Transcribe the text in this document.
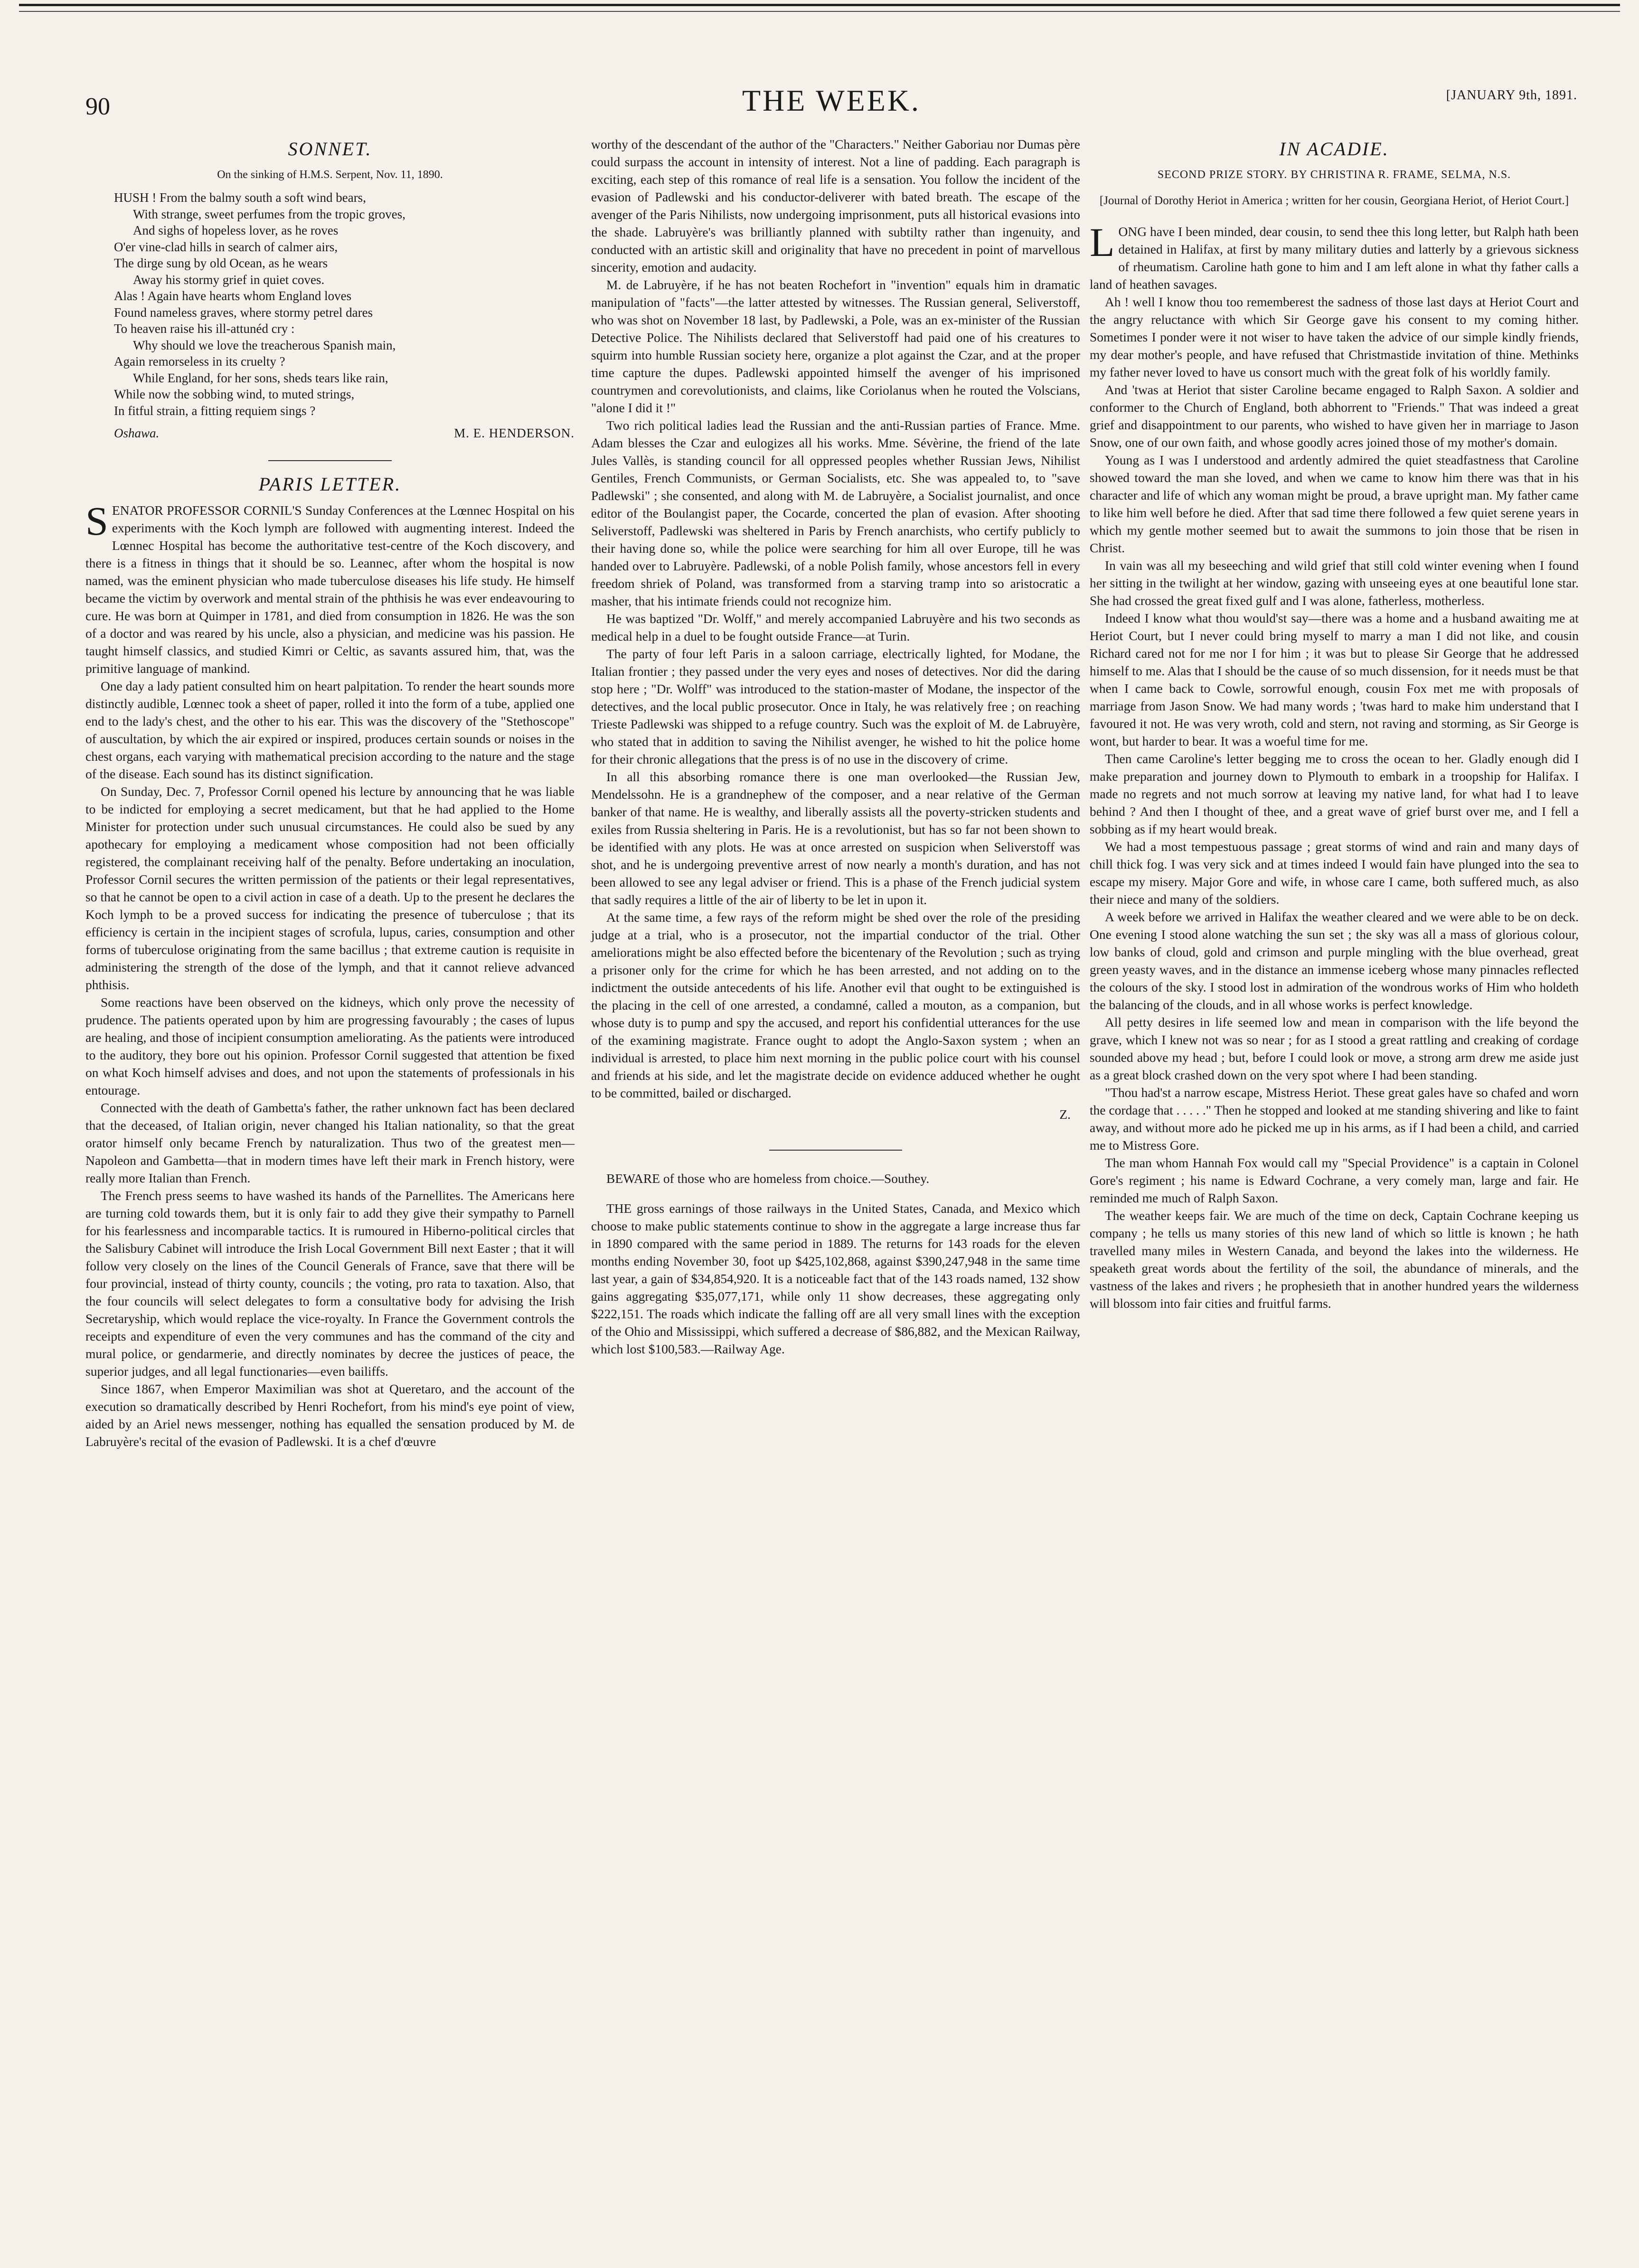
90	THE WEEK.	[JANUARY 9th, 1891.
SONNET.
On the sinking of H.M.S. Serpent, Nov. 11, 1890.
HUSH ! From the balmy south a soft wind bears,
With strange, sweet perfumes from the tropic groves,
And sighs of hopeless lover, as he roves
O'er vine-clad hills in search of calmer airs,
The dirge sung by old Ocean, as he wears
Away his stormy grief in quiet coves.
Alas ! Again have hearts whom England loves
Found nameless graves, where stormy petrel dares
To heaven raise his ill-attunéd cry :
Why should we love the treacherous Spanish main,
Again remorseless in its cruelty ?
While England, for her sons, sheds tears like rain,
While now the sobbing wind, to muted strings,
In fitful strain, a fitting requiem sings ?
Oshawa.	M. E. HENDERSON.
PARIS LETTER.

SENATOR PROFESSOR CORNIL'S Sunday Conferences at the Lœnnec Hospital on his experiments with the Koch lymph are followed with augmenting interest. Indeed the Lœnnec Hospital has become the authoritative test-centre of the Koch discovery, and there is a fitness in things that it should be so. Leannec, after whom the hospital is now named, was the eminent physician who made tuberculose diseases his life study. He himself became the victim by overwork and mental strain of the phthisis he was ever endeavouring to cure. He was born at Quimper in 1781, and died from consumption in 1826. He was the son of a doctor and was reared by his uncle, also a physician, and medicine was his passion. He taught himself classics, and studied Kimri or Celtic, as savants assured him, that, was the primitive language of mankind.

One day a lady patient consulted him on heart palpitation. To render the heart sounds more distinctly audible, Lœnnec took a sheet of paper, rolled it into the form of a tube, applied one end to the lady's chest, and the other to his ear. This was the discovery of the "Stethoscope" of auscultation, by which the air expired or inspired, produces certain sounds or noises in the chest organs, each varying with mathematical precision according to the nature and the stage of the disease. Each sound has its distinct signification.

On Sunday, Dec. 7, Professor Cornil opened his lecture by announcing that he was liable to be indicted for employing a secret medicament, but that he had applied to the Home Minister for protection under such unusual circumstances. He could also be sued by any apothecary for employing a medicament whose composition had not been officially registered, the complainant receiving half of the penalty. Before undertaking an inoculation, Professor Cornil secures the written permission of the patients or their legal representatives, so that he cannot be open to a civil action in case of a death. Up to the present he declares the Koch lymph to be a proved success for indicating the presence of tuberculose ; that its efficiency is certain in the incipient stages of scrofula, lupus, caries, consumption and other forms of tuberculose originating from the same bacillus ; that extreme caution is requisite in administering the strength of the dose of the lymph, and that it cannot relieve advanced phthisis.

Some reactions have been observed on the kidneys, which only prove the necessity of prudence. The patients operated upon by him are progressing favourably ; the cases of lupus are healing, and those of incipient consumption ameliorating. As the patients were introduced to the auditory, they bore out his opinion. Professor Cornil suggested that attention be fixed on what Koch himself advises and does, and not upon the statements of professionals in his entourage.

Connected with the death of Gambetta's father, the rather unknown fact has been declared that the deceased, of Italian origin, never changed his Italian nationality, so that the great orator himself only became French by naturalization. Thus two of the greatest men—Napoleon and Gambetta—that in modern times have left their mark in French history, were really more Italian than French.

The French press seems to have washed its hands of the Parnellites. The Americans here are turning cold towards them, but it is only fair to add they give their sympathy to Parnell for his fearlessness and incomparable tactics. It is rumoured in Hiberno-political circles that the Salisbury Cabinet will introduce the Irish Local Government Bill next Easter ; that it will follow very closely on the lines of the Council Generals of France, save that there will be four provincial, instead of thirty county, councils ; the voting, pro rata to taxation. Also, that the four councils will select delegates to form a consultative body for advising the Irish Secretaryship, which would replace the vice-royalty. In France the Government controls the receipts and expenditure of even the very communes and has the command of the city and mural police, or gendarmerie, and directly nominates by decree the justices of peace, the superior judges, and all legal functionaries—even bailiffs.

Since 1867, when Emperor Maximilian was shot at Queretaro, and the account of the execution so dramatically described by Henri Rochefort, from his mind's eye point of view, aided by an Ariel news messenger, nothing has equalled the sensation produced by M. de Labruyère's recital of the evasion of Padlewski. It is a chef d'œuvre

worthy of the descendant of the author of the "Characters." Neither Gaboriau nor Dumas père could surpass the account in intensity of interest. Not a line of padding. Each paragraph is exciting, each step of this romance of real life is a sensation. You follow the incident of the evasion of Padlewski and his conductor-deliverer with bated breath. The escape of the avenger of the Paris Nihilists, now undergoing imprisonment, puts all historical evasions into the shade. Labruyère's was brilliantly planned with subtilty rather than ingenuity, and conducted with an artistic skill and originality that have no precedent in point of marvellous sincerity, emotion and audacity.

M. de Labruyère, if he has not beaten Rochefort in "invention" equals him in dramatic manipulation of "facts"—the latter attested by witnesses. The Russian general, Seliverstoff, who was shot on November 18 last, by Padlewski, a Pole, was an ex-minister of the Russian Detective Police. The Nihilists declared that Seliverstoff had paid one of his creatures to squirm into humble Russian society here, organize a plot against the Czar, and at the proper time capture the dupes. Padlewski appointed himself the avenger of his imprisoned countrymen and corevolutionists, and claims, like Coriolanus when he routed the Volscians, "alone I did it !"

Two rich political ladies lead the Russian and the anti-Russian parties of France. Mme. Adam blesses the Czar and eulogizes all his works. Mme. Sévèrine, the friend of the late Jules Vallès, is standing council for all oppressed peoples whether Russian Jews, Nihilist Gentiles, French Communists, or German Socialists, etc. She was appealed to, to "save Padlewski" ; she consented, and along with M. de Labruyère, a Socialist journalist, and once editor of the Boulangist paper, the Cocarde, concerted the plan of evasion. After shooting Seliverstoff, Padlewski was sheltered in Paris by French anarchists, who certify publicly to their having done so, while the police were searching for him all over Europe, till he was handed over to Labruyère. Padlewski, of a noble Polish family, whose ancestors fell in every freedom shriek of Poland, was transformed from a starving tramp into so aristocratic a masher, that his intimate friends could not recognize him.

He was baptized "Dr. Wolff," and merely accompanied Labruyère and his two seconds as medical help in a duel to be fought outside France—at Turin.

The party of four left Paris in a saloon carriage, electrically lighted, for Modane, the Italian frontier ; they passed under the very eyes and noses of detectives. Nor did the daring stop here ; "Dr. Wolff" was introduced to the station-master of Modane, the inspector of the detectives, and the local public prosecutor. Once in Italy, he was relatively free ; on reaching Trieste Padlewski was shipped to a refuge country. Such was the exploit of M. de Labruyère, who stated that in addition to saving the Nihilist avenger, he wished to hit the police home for their chronic allegations that the press is of no use in the discovery of crime.

In all this absorbing romance there is one man overlooked—the Russian Jew, Mendelssohn. He is a grandnephew of the composer, and a near relative of the German banker of that name. He is wealthy, and liberally assists all the poverty-stricken students and exiles from Russia sheltering in Paris. He is a revolutionist, but has so far not been shown to be identified with any plots. He was at once arrested on suspicion when Seliverstoff was shot, and he is undergoing preventive arrest of now nearly a month's duration, and has not been allowed to see any legal adviser or friend. This is a phase of the French judicial system that sadly requires a little of the air of liberty to be let in upon it.

At the same time, a few rays of the reform might be shed over the role of the presiding judge at a trial, who is a prosecutor, not the impartial conductor of the trial. Other ameliorations might be also effected before the bicentenary of the Revolution ; such as trying a prisoner only for the crime for which he has been arrested, and not adding on to the indictment the outside antecedents of his life. Another evil that ought to be extinguished is the placing in the cell of one arrested, a condamné, called a mouton, as a companion, but whose duty is to pump and spy the accused, and report his confidential utterances for the use of the examining magistrate. France ought to adopt the Anglo-Saxon system ; when an individual is arrested, to place him next morning in the public police court with his counsel and friends at his side, and let the magistrate decide on evidence adduced whether he ought to be committed, bailed or discharged.

Z.

BEWARE of those who are homeless from choice.—Southey.

THE gross earnings of those railways in the United States, Canada, and Mexico which choose to make public statements continue to show in the aggregate a large increase thus far in 1890 compared with the same period in 1889. The returns for 143 roads for the eleven months ending November 30, foot up $425,102,868, against $390,247,948 in the same time last year, a gain of $34,854,920. It is a noticeable fact that of the 143 roads named, 132 show gains aggregating $35,077,171, while only 11 show decreases, these aggregating only $222,151. The roads which indicate the falling off are all very small lines with the exception of the Ohio and Mississippi, which suffered a decrease of $86,882, and the Mexican Railway, which lost $100,583.—Railway Age.

IN ACADIE.
SECOND PRIZE STORY. BY CHRISTINA R. FRAME, SELMA, N.S.
[Journal of Dorothy Heriot in America ; written for her cousin, Georgiana Heriot, of Heriot Court.]

LONG have I been minded, dear cousin, to send thee this long letter, but Ralph hath been detained in Halifax, at first by many military duties and latterly by a grievous sickness of rheumatism. Caroline hath gone to him and I am left alone in what thy father calls a land of heathen savages.

Ah ! well I know thou too rememberest the sadness of those last days at Heriot Court and the angry reluctance with which Sir George gave his consent to my coming hither. Sometimes I ponder were it not wiser to have taken the advice of our simple kindly friends, my dear mother's people, and have refused that Christmastide invitation of thine. Methinks my father never loved to have us consort much with the great folk of his worldly family.

And 'twas at Heriot that sister Caroline became engaged to Ralph Saxon. A soldier and conformer to the Church of England, both abhorrent to "Friends." That was indeed a great grief and disappointment to our parents, who wished to have given her in marriage to Jason Snow, one of our own faith, and whose goodly acres joined those of my mother's domain.

Young as I was I understood and ardently admired the quiet steadfastness that Caroline showed toward the man she loved, and when we came to know him there was that in his character and life of which any woman might be proud, a brave upright man. My father came to like him well before he died. After that sad time there followed a few quiet serene years in which my gentle mother seemed but to await the summons to join those that be risen in Christ.

In vain was all my beseeching and wild grief that still cold winter evening when I found her sitting in the twilight at her window, gazing with unseeing eyes at one beautiful lone star. She had crossed the great fixed gulf and I was alone, fatherless, motherless.

Indeed I know what thou would'st say—there was a home and a husband awaiting me at Heriot Court, but I never could bring myself to marry a man I did not like, and cousin Richard cared not for me nor I for him ; it was but to please Sir George that he addressed himself to me. Alas that I should be the cause of so much dissension, for it needs must be that when I came back to Cowle, sorrowful enough, cousin Fox met me with proposals of marriage from Jason Snow. We had many words ; 'twas hard to make him understand that I favoured it not. He was very wroth, cold and stern, not raving and storming, as Sir George is wont, but harder to bear. It was a woeful time for me.

Then came Caroline's letter begging me to cross the ocean to her. Gladly enough did I make preparation and journey down to Plymouth to embark in a troopship for Halifax. I made no regrets and not much sorrow at leaving my native land, for what had I to leave behind ? And then I thought of thee, and a great wave of grief burst over me, and I fell a sobbing as if my heart would break.

We had a most tempestuous passage ; great storms of wind and rain and many days of chill thick fog. I was very sick and at times indeed I would fain have plunged into the sea to escape my misery. Major Gore and wife, in whose care I came, both suffered much, as also their niece and many of the soldiers.

A week before we arrived in Halifax the weather cleared and we were able to be on deck. One evening I stood alone watching the sun set ; the sky was all a mass of glorious colour, low banks of cloud, gold and crimson and purple mingling with the blue overhead, great green yeasty waves, and in the distance an immense iceberg whose many pinnacles reflected the colours of the sky. I stood lost in admiration of the wondrous works of Him who holdeth the balancing of the clouds, and in all whose works is perfect knowledge.

All petty desires in life seemed low and mean in comparison with the life beyond the grave, which I knew not was so near ; for as I stood a great rattling and creaking of cordage sounded above my head ; but, before I could look or move, a strong arm drew me aside just as a great block crashed down on the very spot where I had been standing.

"Thou had'st a narrow escape, Mistress Heriot. These great gales have so chafed and worn the cordage that . . . . ." Then he stopped and looked at me standing shivering and like to faint away, and without more ado he picked me up in his arms, as if I had been a child, and carried me to Mistress Gore.

The man whom Hannah Fox would call my "Special Providence" is a captain in Colonel Gore's regiment ; his name is Edward Cochrane, a very comely man, large and fair. He reminded me much of Ralph Saxon.

The weather keeps fair. We are much of the time on deck, Captain Cochrane keeping us company ; he tells us many stories of this new land of which so little is known ; he hath travelled many miles in Western Canada, and beyond the lakes into the wilderness. He speaketh great words about the fertility of the soil, the abundance of minerals, and the vastness of the lakes and rivers ; he prophesieth that in another hundred years the wilderness will blossom into fair cities and fruitful farms.
